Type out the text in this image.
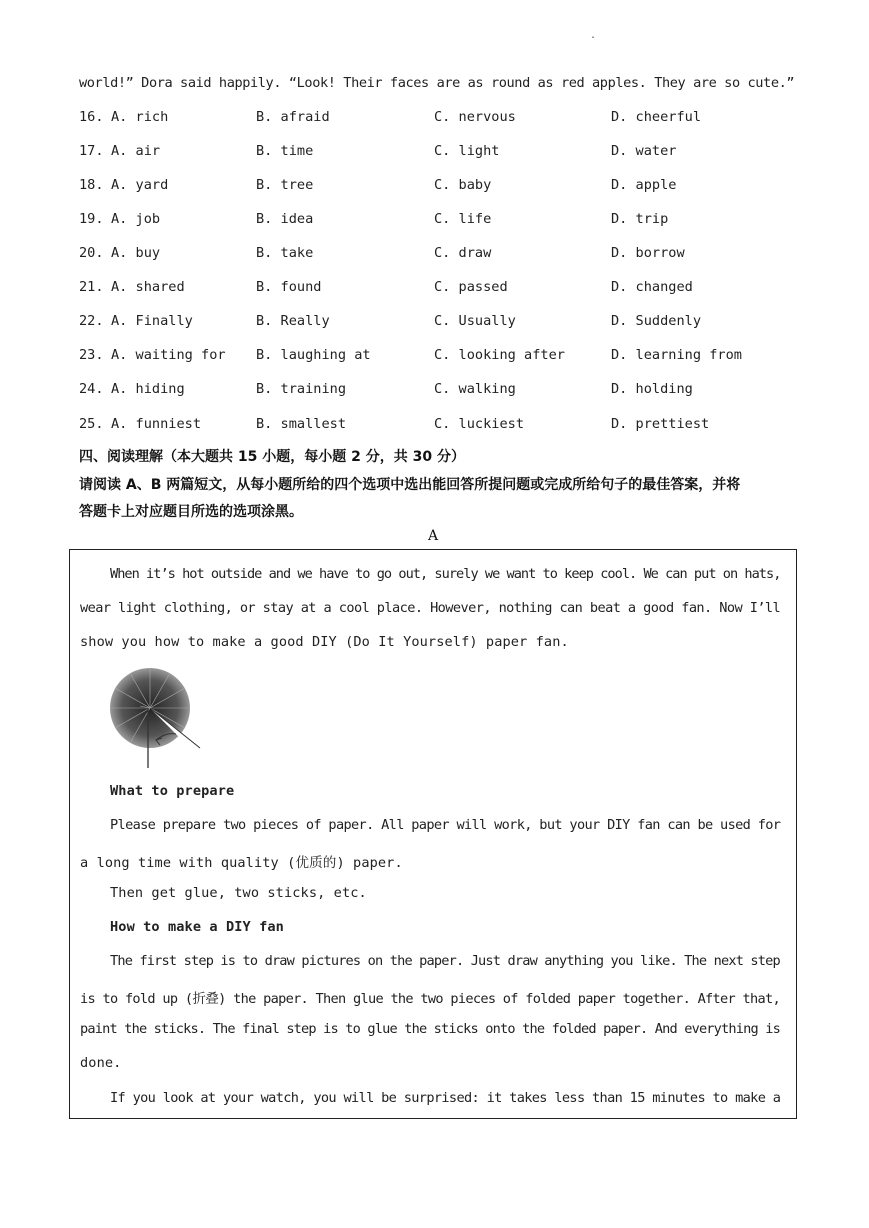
.
world!” Dora said happily. “Look! Their faces are as round as red apples. They are so cute.”
16. A. rich	B. afraid	C. nervous	D. cheerful
17. A. air	B. time	C. light	D. water
18. A. yard	B. tree	C. baby	D. apple
19. A. job	B. idea	C. life	D. trip
20. A. buy	B. take	C. draw	D. borrow
21. A. shared	B. found	C. passed	D. changed
22. A. Finally	B. Really	C. Usually	D. Suddenly
23. A. waiting for B. laughing at	C. looking after	D. learning from
24. A. hiding	B. training	C. walking	D. holding
25. A. funniest	B. smallest	C. luckiest	D. prettiest
四、阅读理解（本大题共 15 小题，每小题 2 分，共 30 分）
请阅读 A、B 两篇短文，从每小题所给的四个选项中选出能回答所提问题或完成所给句子的最佳答案，并将
答题卡上对应题目所选的选项涂黑。
A
When it’s hot outside and we have to go out, surely we want to keep cool. We can put on hats,
wear light clothing, or stay at a cool place. However, nothing can beat a good fan. Now I’ll
show you how to make a good DIY (Do It Yourself) paper fan.
What to prepare
Please prepare two pieces of paper. All paper will work, but your DIY fan can be used for
a long time with quality (优质的) paper.
Then get glue, two sticks, etc.
How to make a DIY fan
The first step is to draw pictures on the paper. Just draw anything you like. The next step
is to fold up (折叠) the paper. Then glue the two pieces of folded paper together. After that,
paint the sticks. The final step is to glue the sticks onto the folded paper. And everything is
done.
If you look at your watch, you will be surprised: it takes less than 15 minutes to make a
